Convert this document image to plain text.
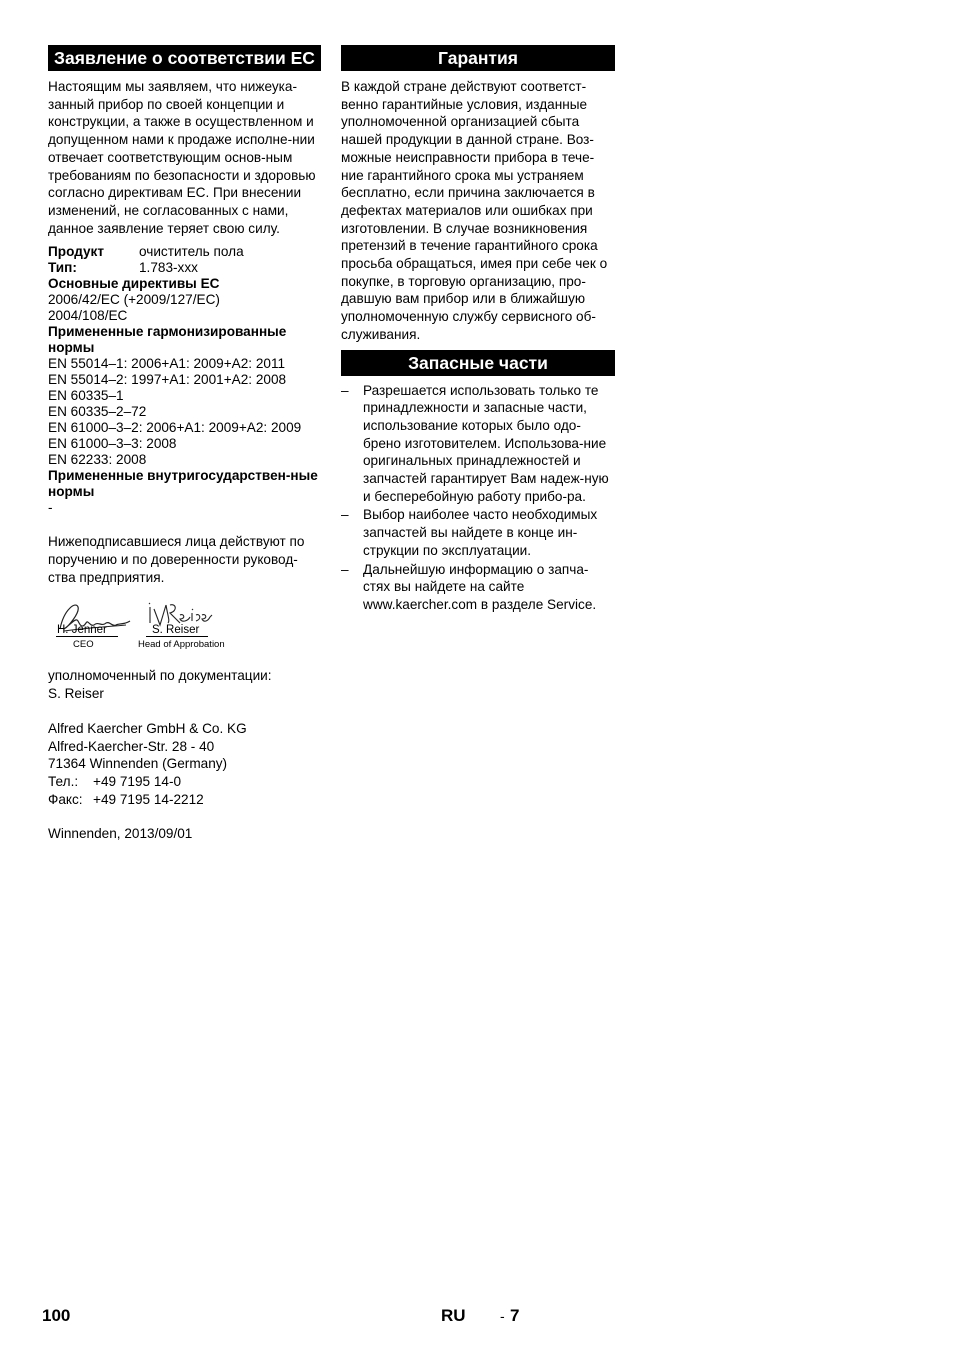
Заявление о соответствии ЕС

Настоящим мы заявляем, что нижеука-занный прибор по своей концепции и конструкции, а также в осуществленном и допущенном нами к продаже исполне-нии отвечает соответствующим основ-ным требованиям по безопасности и здоровью согласно директивам ЕС. При внесении изменений, не согласованных с нами, данное заявление теряет свою силу.

Продукт	очиститель пола
Тип:	1.783-xxx
Основные директивы ЕС
2006/42/EC (+2009/127/EC)
2004/108/EC
Примененные гармонизированные нормы
EN 55014–1: 2006+A1: 2009+A2: 2011
EN 55014–2: 1997+A1: 2001+A2: 2008
EN 60335–1
EN 60335–2–72
EN 61000–3–2: 2006+A1: 2009+A2: 2009
EN 61000–3–3: 2008
EN 62233: 2008
Примененные внутригосударствен-ные нормы
-

Нижеподписавшиеся лица действуют по поручению и по доверенности руковод-ства предприятия.

H. Jenner
CEO
S. Reiser
Head of Approbation

уполномоченный по документации:
S. Reiser

Alfred Kaercher GmbH & Co. KG
Alfred-Kaercher-Str. 28 - 40
71364 Winnenden (Germany)
Тел.:	+49 7195 14-0
Факс: +49 7195 14-2212

Winnenden, 2013/09/01

Гарантия

В каждой стране действуют соответст-венно гарантийные условия, изданные уполномоченной организацией сбыта нашей продукции в данной стране. Воз-можные неисправности прибора в тече-ние гарантийного срока мы устраняем бесплатно, если причина заключается в дефектах материалов или ошибках при изготовлении. В случае возникновения претензий в течение гарантийного срока просьба обращаться, имея при себе чек о покупке, в торговую организацию, про-давшую вам прибор или в ближайшую уполномоченную службу сервисного об-служивания.

Запасные части
– Разрешается использовать только те принадлежности и запасные части, использование которых было одо-брено изготовителем. Использова-ние оригинальных принадлежностей и запчастей гарантирует Вам надеж-ную и бесперебойную работу прибо-ра.
– Выбор наиболее часто необходимых запчастей вы найдете в конце ин-струкции по эксплуатации.
– Дальнейшую информацию о запча-стях вы найдете на сайте www.kaercher.com в разделе Service.
100	RU - 7
